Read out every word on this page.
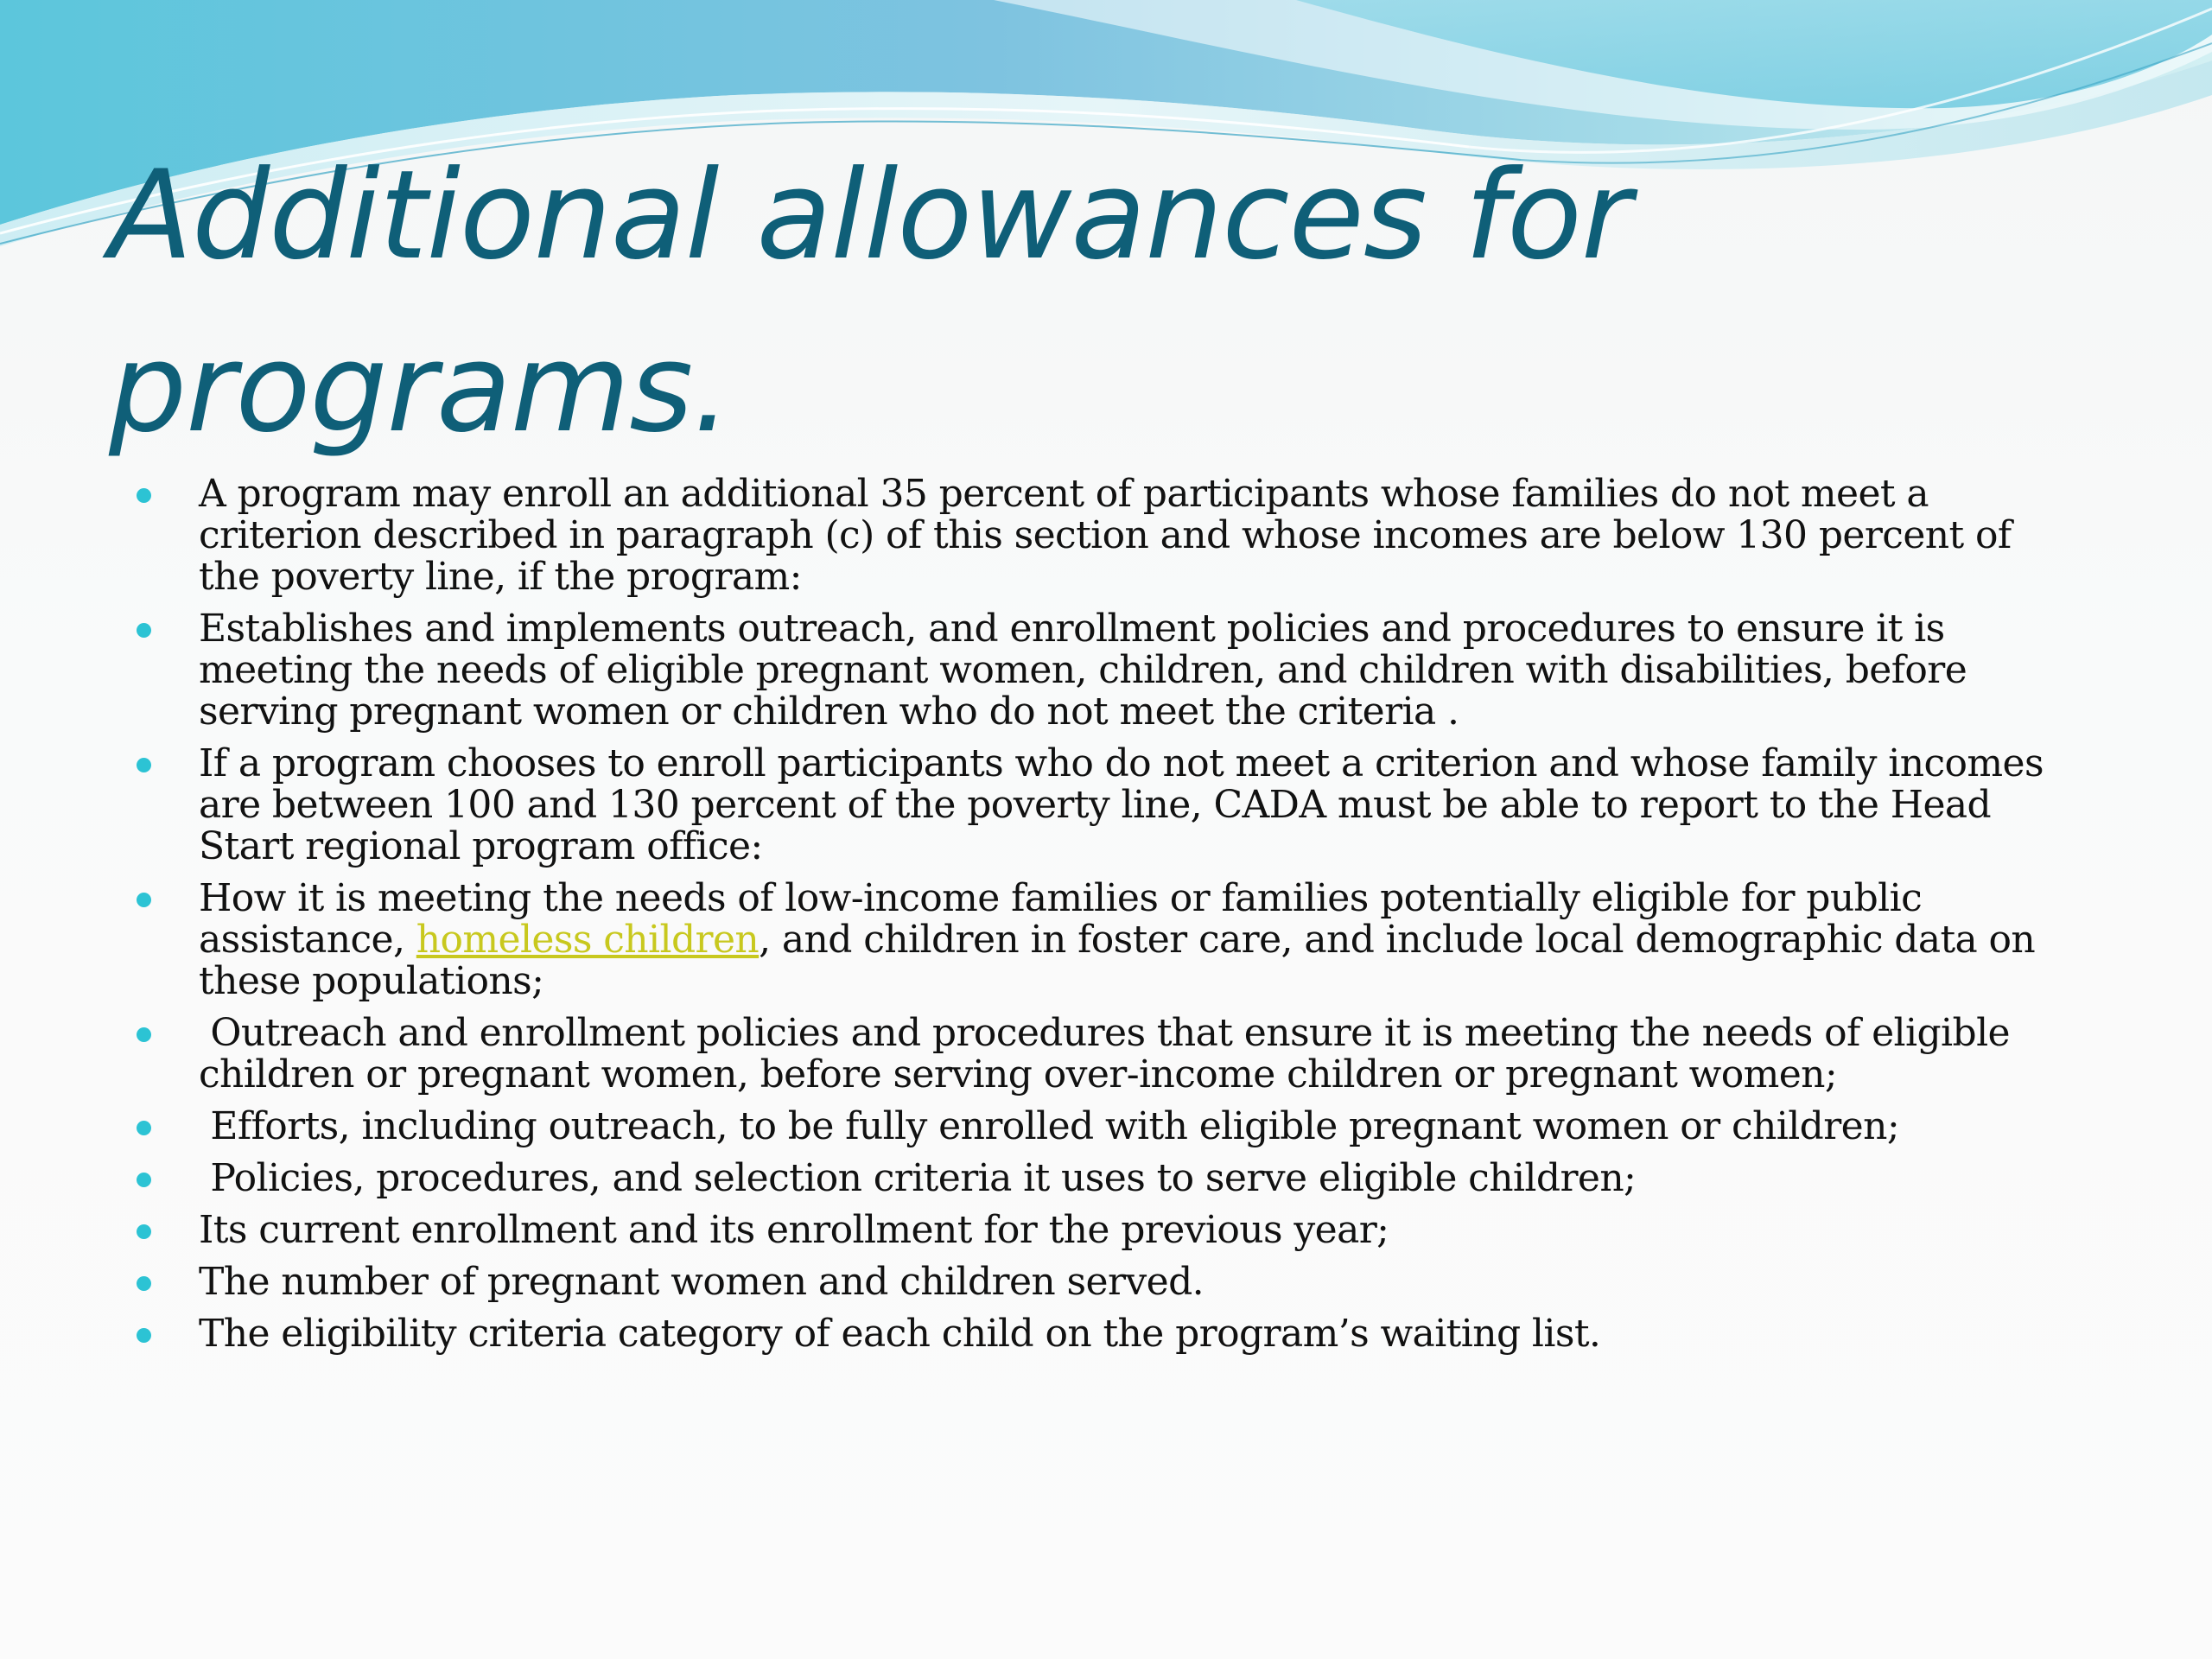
Additional allowances for programs.
A program may enroll an additional 35 percent of participants whose families do not meet a criterion described in paragraph (c) of this section and whose incomes are below 130 percent of the poverty line, if the program:
Establishes and implements outreach, and enrollment policies and procedures to ensure it is meeting the needs of eligible pregnant women, children, and children with disabilities, before serving pregnant women or children who do not meet the criteria .
If a program chooses to enroll participants who do not meet a criterion and whose family incomes are between 100 and 130 percent of the poverty line, CADA must be able to report to the Head Start regional program office:
How it is meeting the needs of low-income families or families potentially eligible for public assistance, homeless children, and children in foster care, and include local demographic data on these populations;
Outreach and enrollment policies and procedures that ensure it is meeting the needs of eligible children or pregnant women, before serving over-income children or pregnant women;
Efforts, including outreach, to be fully enrolled with eligible pregnant women or children;
Policies, procedures, and selection criteria it uses to serve eligible children;
Its current enrollment and its enrollment for the previous year;
The number of pregnant women and children served.
The eligibility criteria category of each child on the program’s waiting list.
